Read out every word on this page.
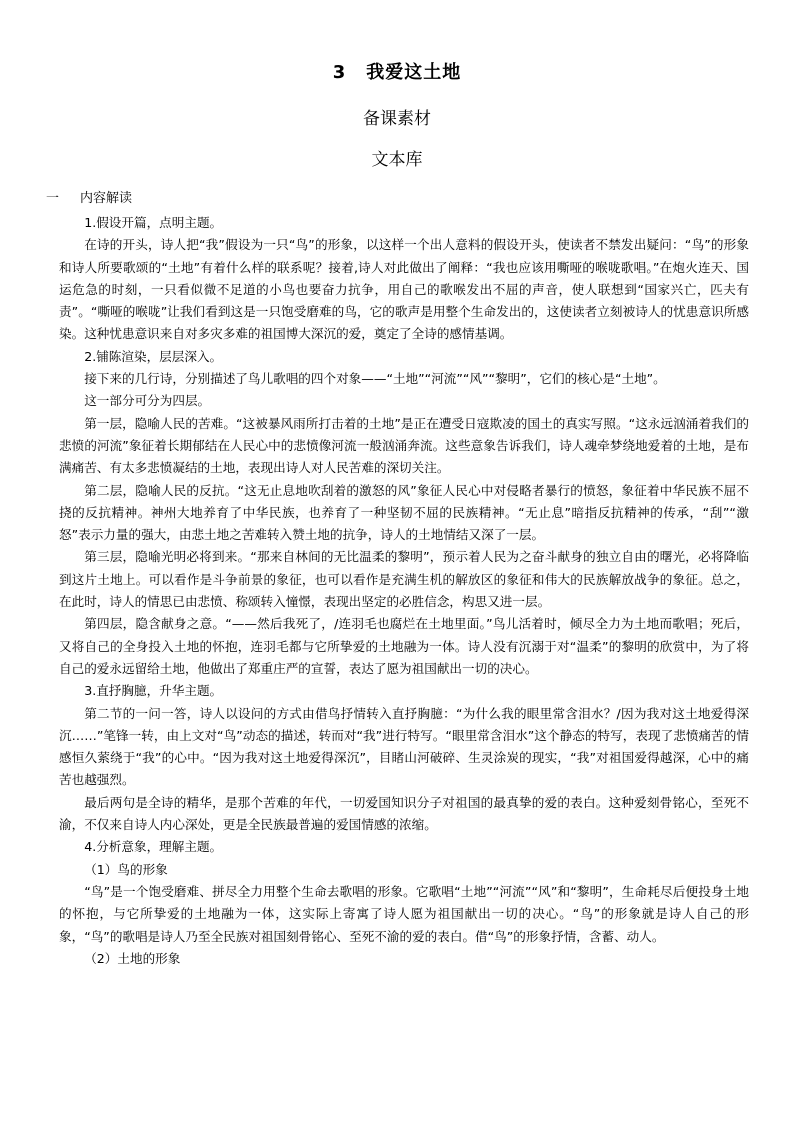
3 我爱这土地
备课素材
文本库
一 内容解读

1.假设开篇，点明主题。

在诗的开头，诗人把“我”假设为一只“鸟”的形象，以这样一个出人意料的假设开头，使读者不禁发出疑问：“鸟”的形象和诗人所要歌颂的“土地”有着什么样的联系呢？接着,诗人对此做出了阐释：“我也应该用嘶哑的喉咙歌唱。”在炮火连天、国运危急的时刻，一只看似微不足道的小鸟也要奋力抗争，用自己的歌喉发出不屈的声音，使人联想到“国家兴亡，匹夫有责”。“嘶哑的喉咙”让我们看到这是一只饱受磨难的鸟，它的歌声是用整个生命发出的，这使读者立刻被诗人的忧患意识所感染。这种忧患意识来自对多灾多难的祖国博大深沉的爱，奠定了全诗的感情基调。

2.铺陈渲染，层层深入。

接下来的几行诗，分别描述了鸟儿歌唱的四个对象——“土地”“河流”“风”“黎明”，它们的核心是“土地”。

这一部分可分为四层。

第一层，隐喻人民的苦难。“这被暴风雨所打击着的土地”是正在遭受日寇欺凌的国土的真实写照。“这永远汹涌着我们的悲愤的河流”象征着长期郁结在人民心中的悲愤像河流一般汹涌奔流。这些意象告诉我们，诗人魂牵梦绕地爱着的土地，是布满痛苦、有太多悲愤凝结的土地，表现出诗人对人民苦难的深切关注。

第二层，隐喻人民的反抗。“这无止息地吹刮着的激怒的风”象征人民心中对侵略者暴行的愤怒，象征着中华民族不屈不挠的反抗精神。神州大地养育了中华民族，也养育了一种坚韧不屈的民族精神。“无止息”暗指反抗精神的传承，“刮”“激怒”表示力量的强大，由悲土地之苦难转入赞土地的抗争，诗人的土地情结又深了一层。

第三层，隐喻光明必将到来。“那来自林间的无比温柔的黎明”，预示着人民为之奋斗献身的独立自由的曙光，必将降临到这片土地上。可以看作是斗争前景的象征，也可以看作是充满生机的解放区的象征和伟大的民族解放战争的象征。总之，在此时，诗人的情思已由悲愤、称颂转入憧憬，表现出坚定的必胜信念，构思又进一层。

第四层，隐含献身之意。“——然后我死了，/连羽毛也腐烂在土地里面。”鸟儿活着时，倾尽全力为土地而歌唱；死后，又将自己的全身投入土地的怀抱，连羽毛都与它所挚爱的土地融为一体。诗人没有沉溺于对“温柔”的黎明的欣赏中，为了将自己的爱永远留给土地，他做出了郑重庄严的宣誓，表达了愿为祖国献出一切的决心。

3.直抒胸臆，升华主题。

第二节的一问一答，诗人以设问的方式由借鸟抒情转入直抒胸臆：“为什么我的眼里常含泪水？/因为我对这土地爱得深沉……”笔锋一转，由上文对“鸟”动态的描述，转而对“我”进行特写。“眼里常含泪水”这个静态的特写，表现了悲愤痛苦的情感恒久萦绕于“我”的心中。“因为我对这土地爱得深沉”，目睹山河破碎、生灵涂炭的现实，“我”对祖国爱得越深，心中的痛苦也越强烈。

最后两句是全诗的精华，是那个苦难的年代，一切爱国知识分子对祖国的最真挚的爱的表白。这种爱刻骨铭心，至死不渝，不仅来自诗人内心深处，更是全民族最普遍的爱国情感的浓缩。

4.分析意象，理解主题。

（1）鸟的形象

“鸟”是一个饱受磨难、拼尽全力用整个生命去歌唱的形象。它歌唱“土地”“河流”“风”和“黎明”，生命耗尽后便投身土地的怀抱，与它所挚爱的土地融为一体，这实际上寄寓了诗人愿为祖国献出一切的决心。“鸟”的形象就是诗人自己的形象，“鸟”的歌唱是诗人乃至全民族对祖国刻骨铭心、至死不渝的爱的表白。借“鸟”的形象抒情，含蓄、动人。

（2）土地的形象
